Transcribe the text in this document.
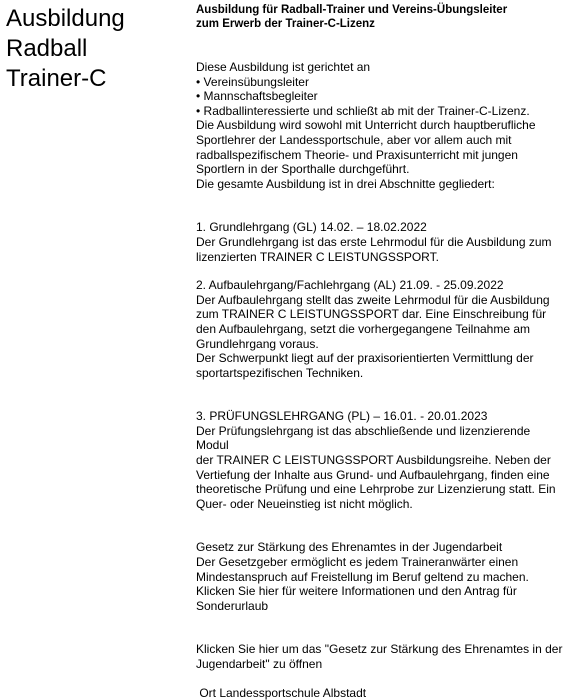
Ausbildung
Radball
Trainer-C
Ausbildung für Radball-Trainer und Vereins-Übungsleiter
zum Erwerb der Trainer-C-Lizenz
Diese Ausbildung ist gerichtet an
• Vereinsübungsleiter
• Mannschaftsbegleiter
• Radballinteressierte und schließt ab mit der Trainer-C-Lizenz.
Die Ausbildung wird sowohl mit Unterricht durch hauptberufliche
Sportlehrer der Landessportschule, aber vor allem auch mit
radballspezifischem Theorie- und Praxisunterricht mit jungen
Sportlern in der Sporthalle durchgeführt.
Die gesamte Ausbildung ist in drei Abschnitte gegliedert:
1. Grundlehrgang (GL) 14.02. – 18.02.2022
Der Grundlehrgang ist das erste Lehrmodul für die Ausbildung zum
lizenzierten TRAINER C LEISTUNGSSPORT.
2. Aufbaulehrgang/Fachlehrgang (AL) 21.09. - 25.09.2022
Der Aufbaulehrgang stellt das zweite Lehrmodul für die Ausbildung
zum TRAINER C LEISTUNGSSPORT dar. Eine Einschreibung für
den Aufbaulehrgang, setzt die vorhergegangene Teilnahme am
Grundlehrgang voraus.
Der Schwerpunkt liegt auf der praxisorientierten Vermittlung der
sportartspezifischen Techniken.
3. PRÜFUNGSLEHRGANG (PL) – 16.01. - 20.01.2023
Der Prüfungslehrgang ist das abschließende und lizenzierende Modul
der TRAINER C LEISTUNGSSPORT Ausbildungsreihe. Neben der
Vertiefung der Inhalte aus Grund- und Aufbaulehrgang, finden eine
theoretische Prüfung und eine Lehrprobe zur Lizenzierung statt. Ein
Quer- oder Neueinstieg ist nicht möglich.
Gesetz zur Stärkung des Ehrenamtes in der Jugendarbeit
Der Gesetzgeber ermöglicht es jedem Traineranwärter einen
Mindestanspruch auf Freistellung im Beruf geltend zu machen.
Klicken Sie hier für weitere Informationen und den Antrag für
Sonderurlaub
Klicken Sie hier um das "Gesetz zur Stärkung des Ehrenamtes in der
Jugendarbeit" zu öffnen
Ort Landessportschule Albstadt
